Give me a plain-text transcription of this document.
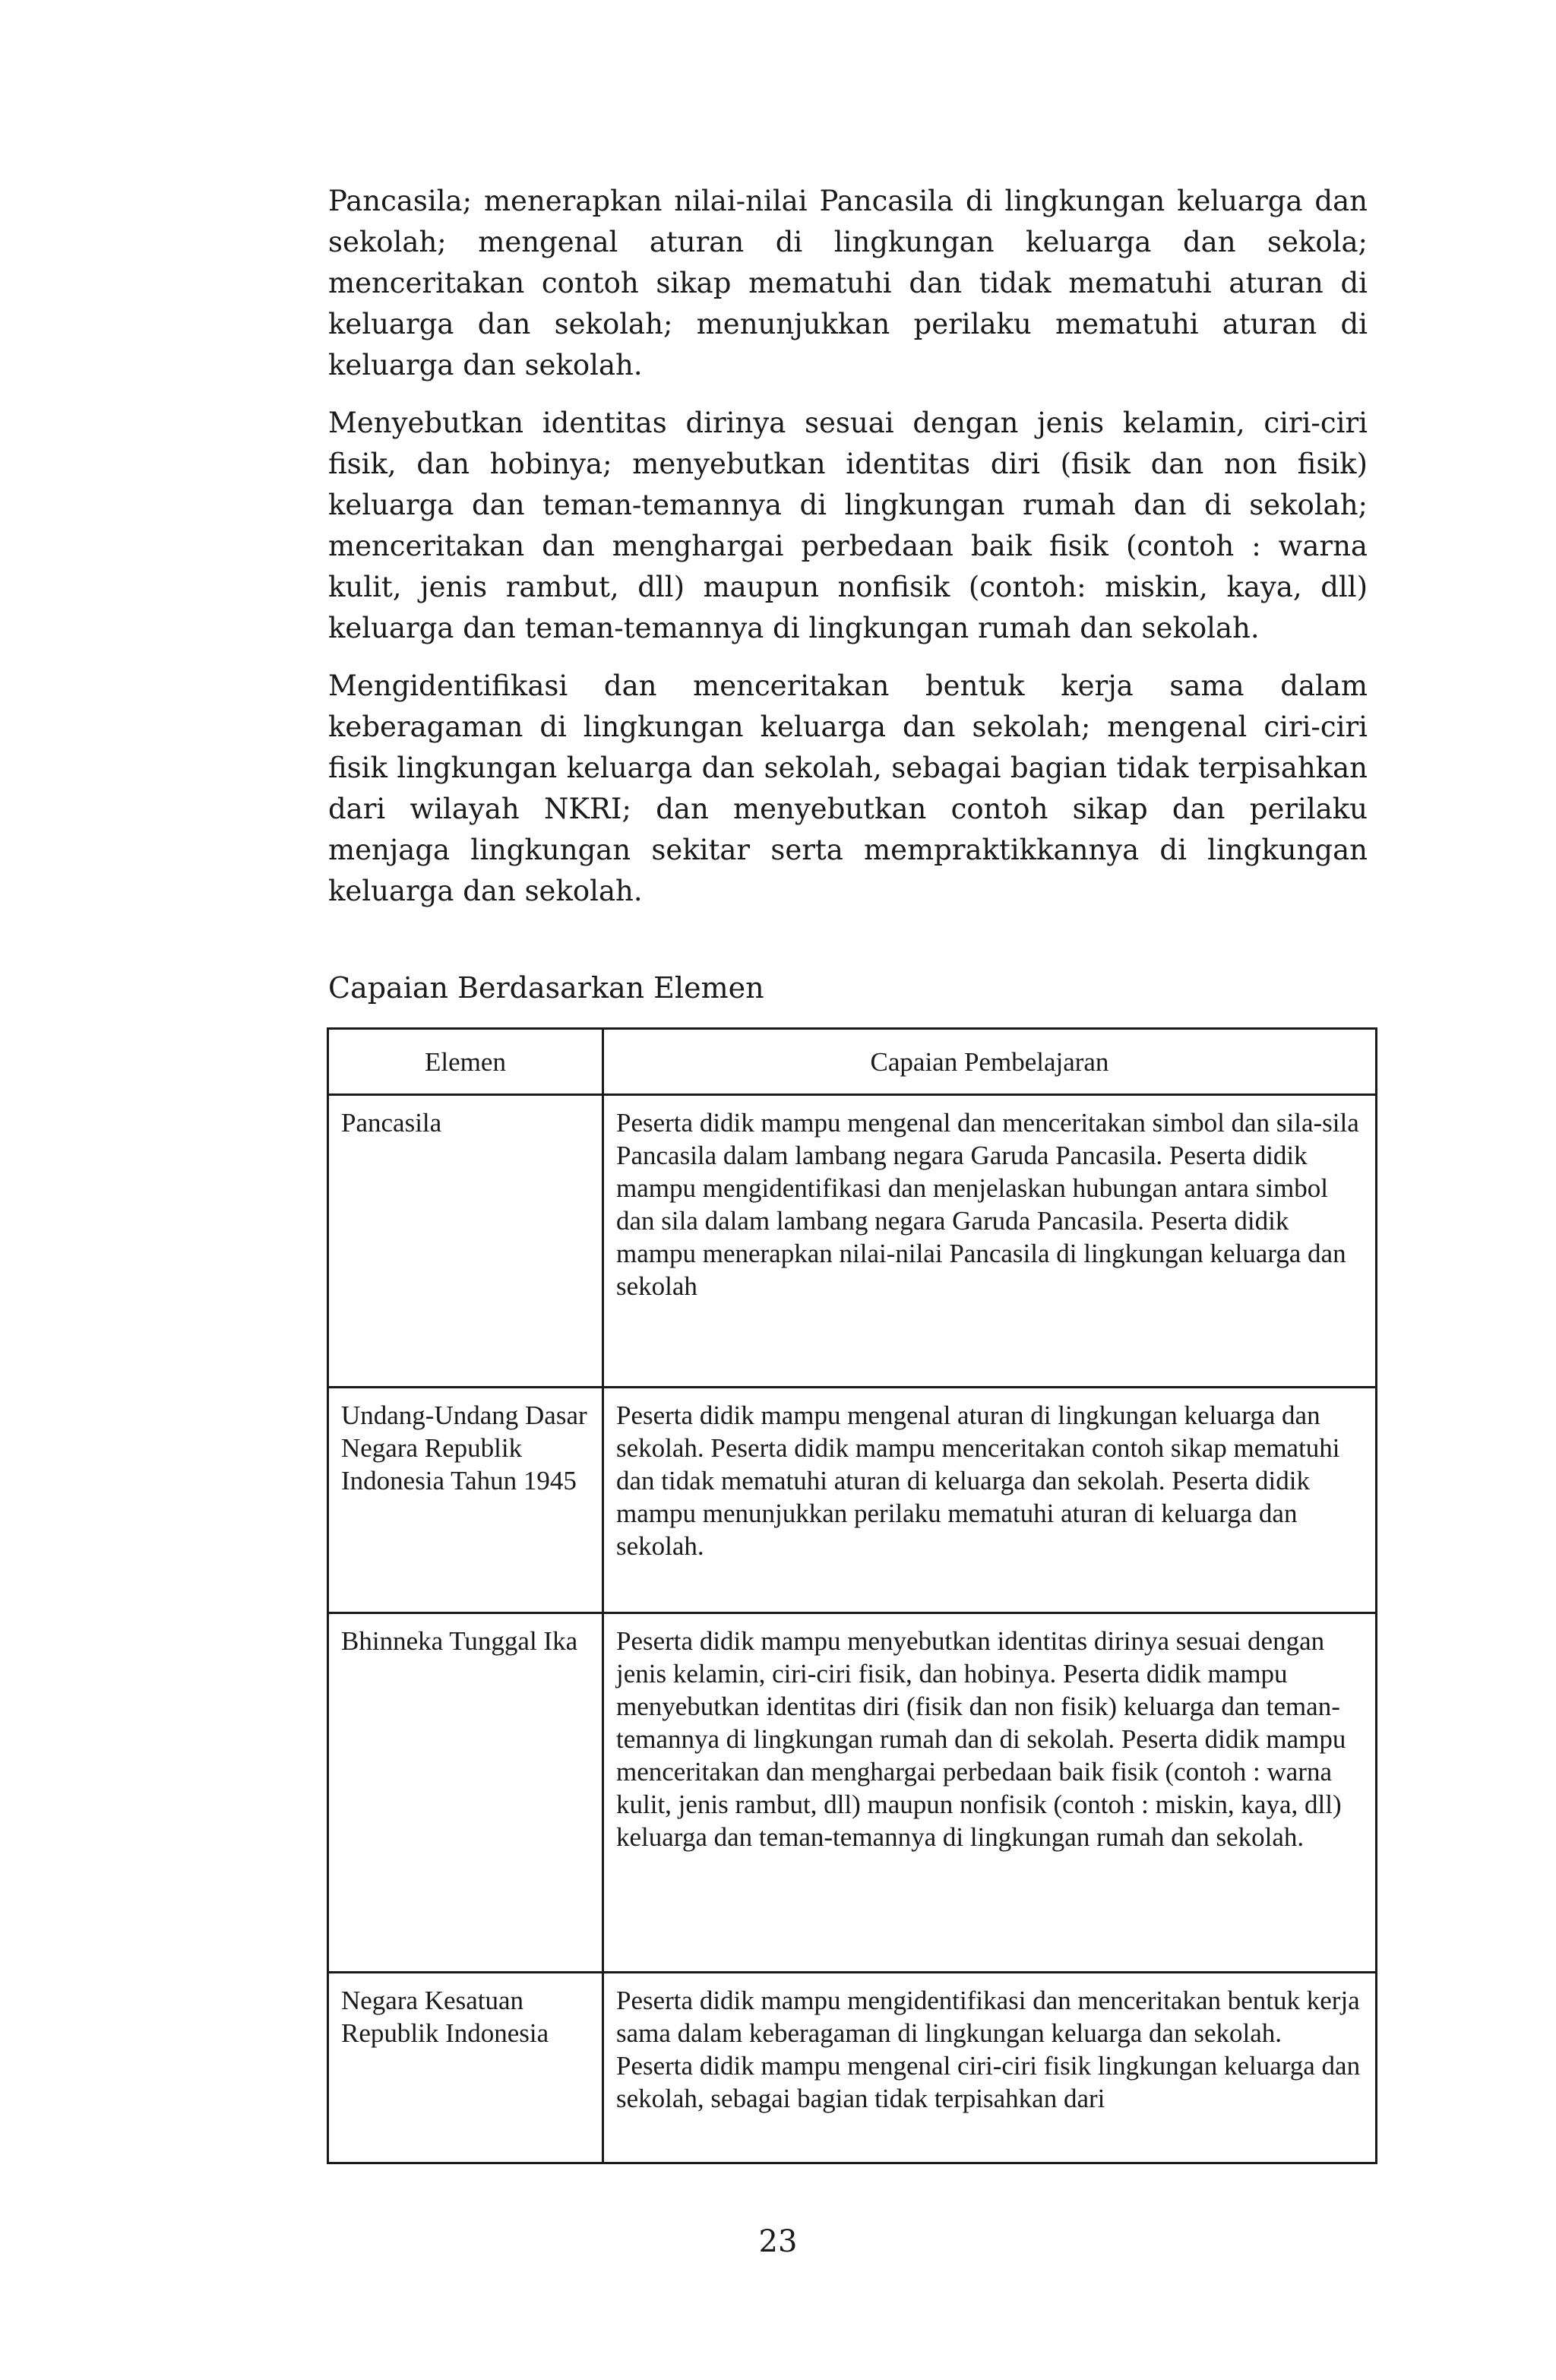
Pancasila; menerapkan nilai-nilai Pancasila di lingkungan keluarga dan sekolah; mengenal aturan di lingkungan keluarga dan sekola; menceritakan contoh sikap mematuhi dan tidak mematuhi aturan di keluarga dan sekolah; menunjukkan perilaku mematuhi aturan di keluarga dan sekolah.

Menyebutkan identitas dirinya sesuai dengan jenis kelamin, ciri-ciri fisik, dan hobinya; menyebutkan identitas diri (fisik dan non fisik) keluarga dan teman-temannya di lingkungan rumah dan di sekolah; menceritakan dan menghargai perbedaan baik fisik (contoh : warna kulit, jenis rambut, dll) maupun nonfisik (contoh: miskin, kaya, dll) keluarga dan teman-temannya di lingkungan rumah dan sekolah.

Mengidentifikasi dan menceritakan bentuk kerja sama dalam keberagaman di lingkungan keluarga dan sekolah; mengenal ciri-ciri fisik lingkungan keluarga dan sekolah, sebagai bagian tidak terpisahkan dari wilayah NKRI; dan menyebutkan contoh sikap dan perilaku menjaga lingkungan sekitar serta mempraktikkannya di lingkungan keluarga dan sekolah.

Capaian Berdasarkan Elemen

Elemen	Capaian Pembelajaran
Pancasila	Peserta didik mampu mengenal dan menceritakan simbol dan sila-sila Pancasila dalam lambang negara Garuda Pancasila. Peserta didik mampu mengidentifikasi dan menjelaskan hubungan antara simbol dan sila dalam lambang negara Garuda Pancasila. Peserta didik mampu menerapkan nilai-nilai Pancasila di lingkungan keluarga dan sekolah
Undang-Undang Dasar Negara Republik Indonesia Tahun 1945	Peserta didik mampu mengenal aturan di lingkungan keluarga dan sekolah. Peserta didik mampu menceritakan contoh sikap mematuhi dan tidak mematuhi aturan di keluarga dan sekolah. Peserta didik mampu menunjukkan perilaku mematuhi aturan di keluarga dan sekolah.
Bhinneka Tunggal Ika	Peserta didik mampu menyebutkan identitas dirinya sesuai dengan jenis kelamin, ciri-ciri fisik, dan hobinya. Peserta didik mampu menyebutkan identitas diri (fisik dan non fisik) keluarga dan teman-temannya di lingkungan rumah dan di sekolah. Peserta didik mampu menceritakan dan menghargai perbedaan baik fisik (contoh : warna kulit, jenis rambut, dll) maupun nonfisik (contoh : miskin, kaya, dll) keluarga dan teman-temannya di lingkungan rumah dan sekolah.
Negara Kesatuan Republik Indonesia	Peserta didik mampu mengidentifikasi dan menceritakan bentuk kerja sama dalam keberagaman di lingkungan keluarga dan sekolah. Peserta didik mampu mengenal ciri-ciri fisik lingkungan keluarga dan sekolah, sebagai bagian tidak terpisahkan dari

23
